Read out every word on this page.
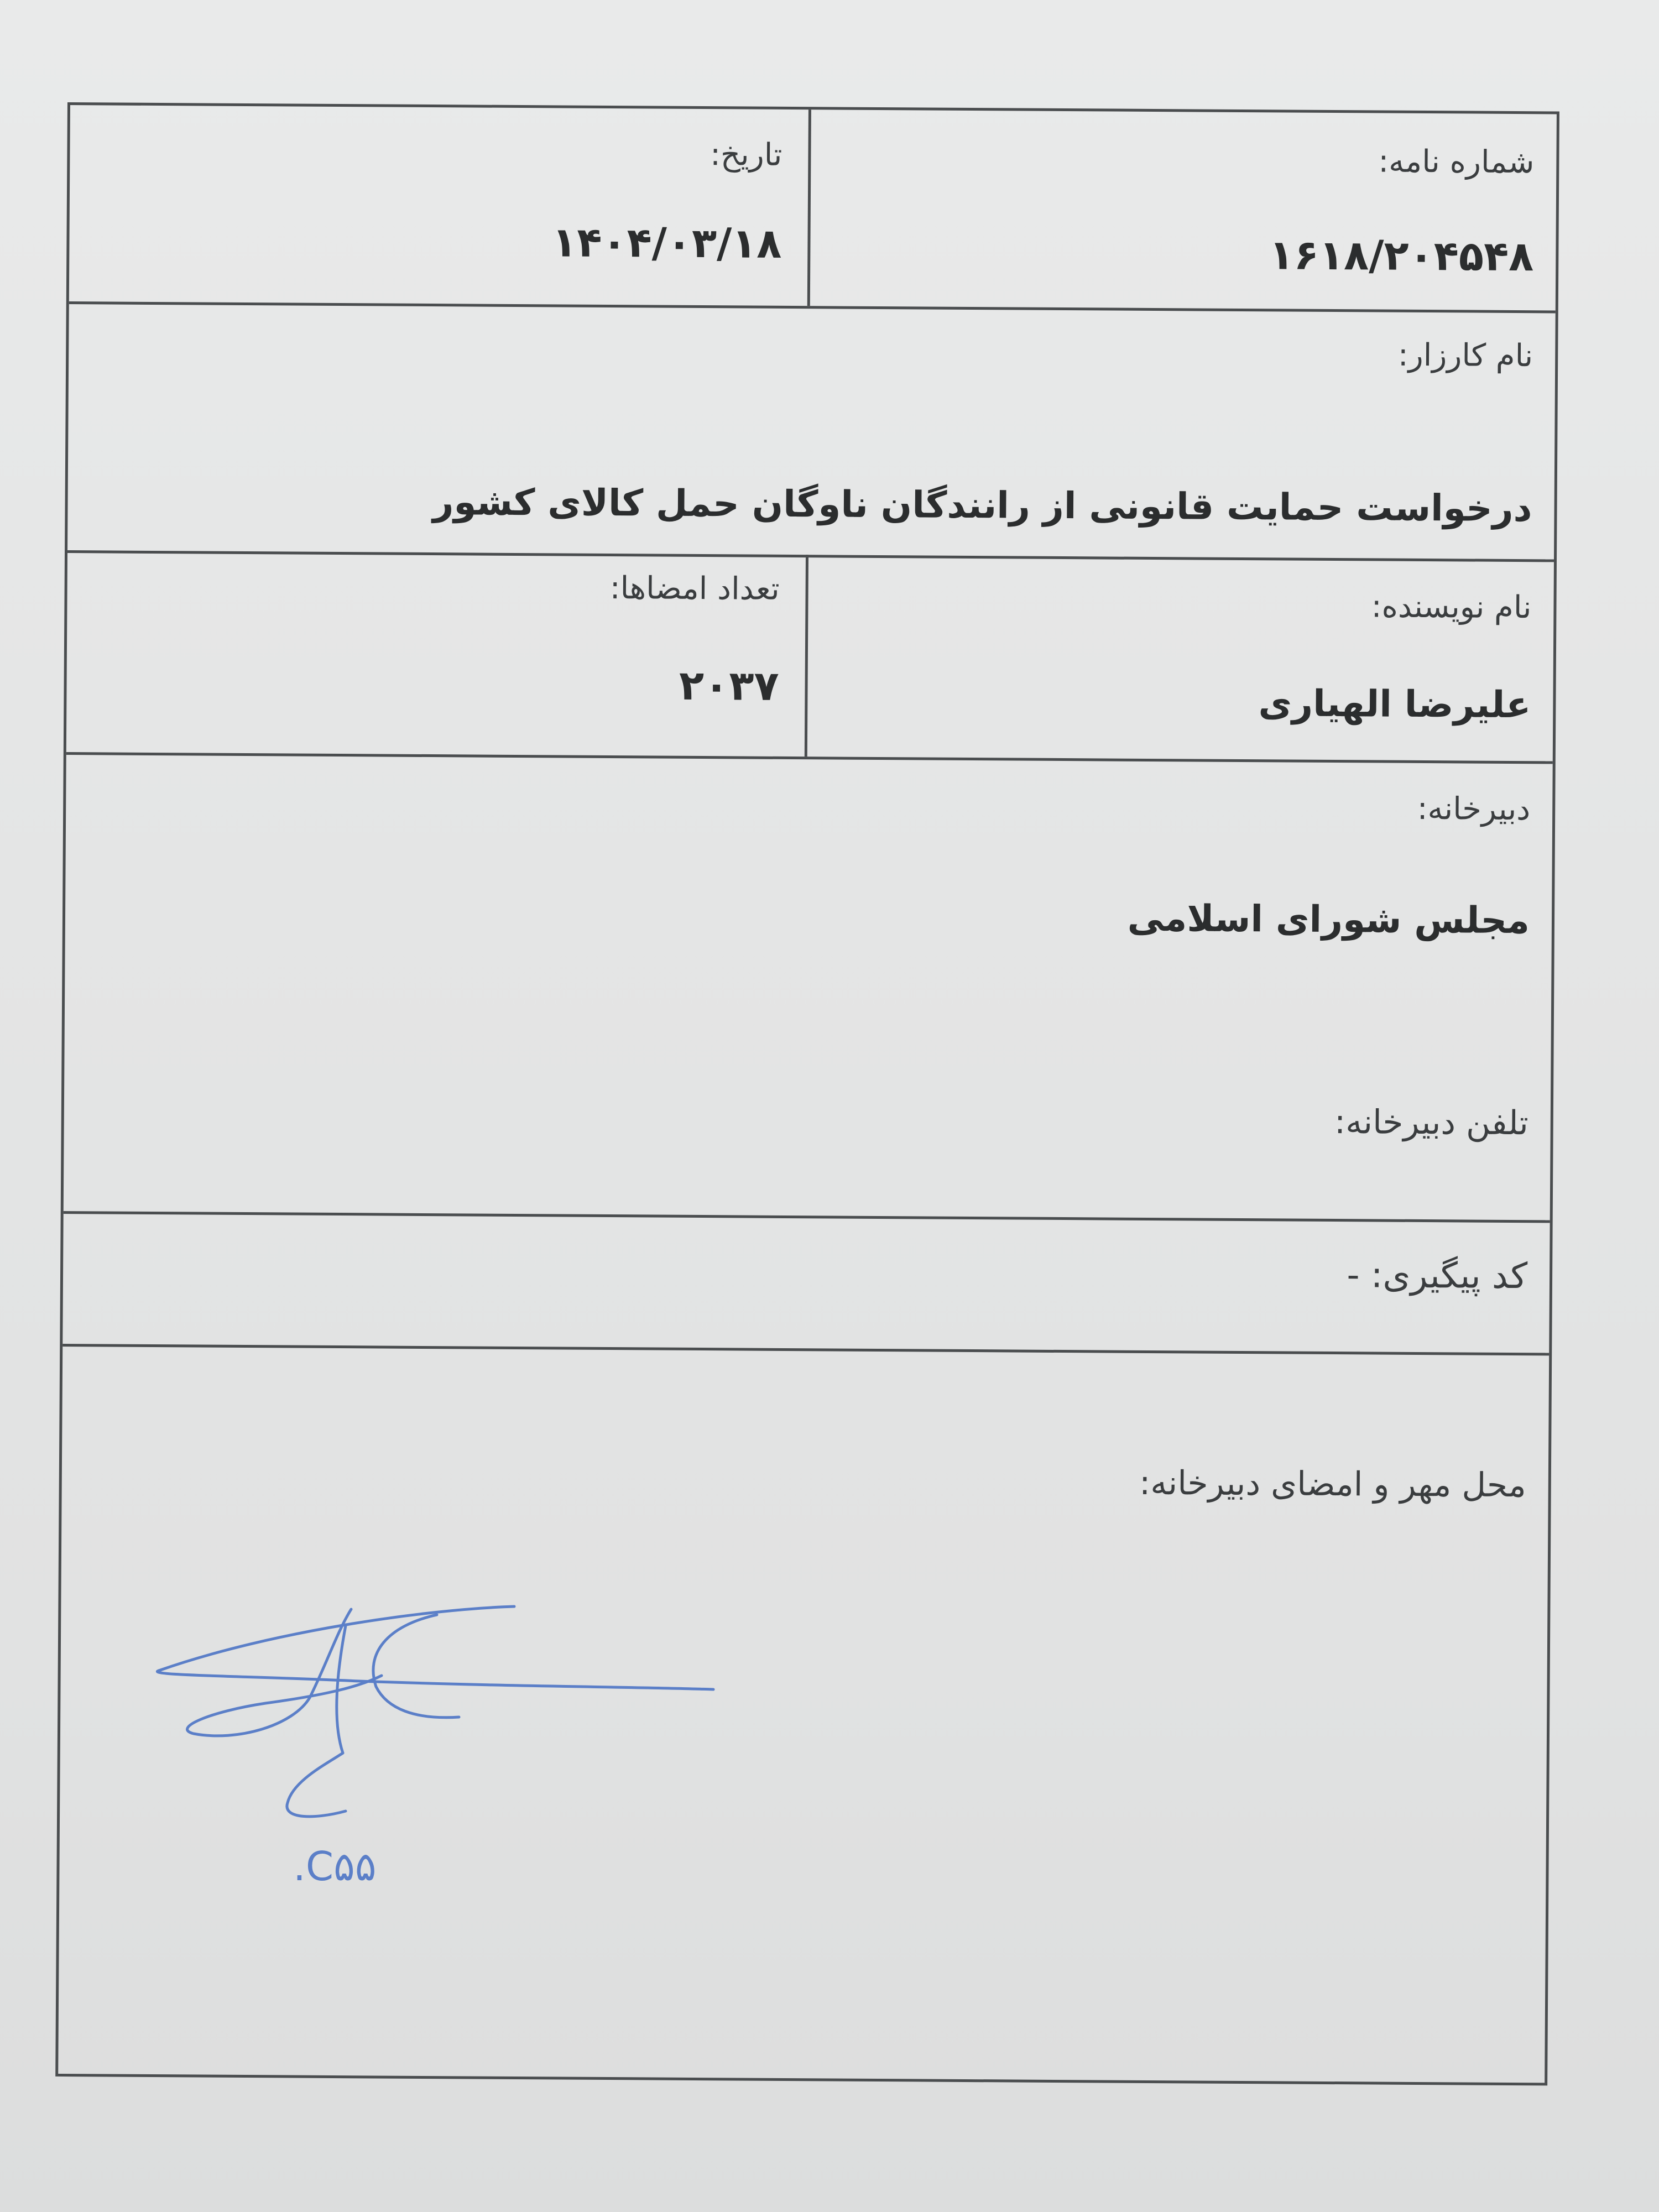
شماره نامه:
۱۶۱۸/۲۰۴۵۴۸
تاریخ:
۱۴۰۴/۰۳/۱۸
نام کارزار:
درخواست حمایت قانونی از رانندگان ناوگان حمل کالای کشور
نام نویسنده:
علیرضا الهیاری
تعداد امضاها:
۲۰۳۷
دبیرخانه:
مجلس شورای اسلامی
تلفن دبیرخانه:
کد پیگیری: -
محل مهر و امضای دبیرخانه:
.C۵۵
